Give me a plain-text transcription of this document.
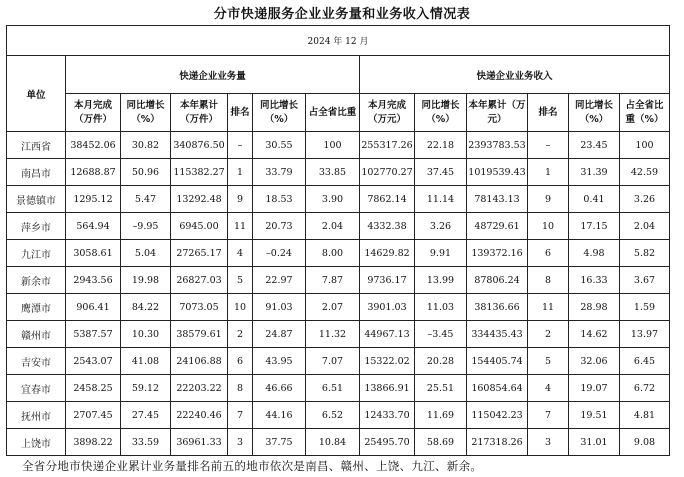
分市快递服务企业业务量和业务收入情况表
2024 年 12 月												
单位	快递企业业务量						快递企业业务收入					
	本月完成（万件）	同比增长（%）	本年累计（万件）	排名	同比增长（%）	占全省比重	本月完成（万元）	同比增长（%）	本年累计（万元）	排名	同比增长（%）	占全省比重（%）
江西省	38452.06	30.82	340876.50	–	30.55	100	255317.26	22.18	2393783.53	–	23.45	100
南昌市	12688.87	50.96	115382.27	1	33.79	33.85	102770.27	37.45	1019539.43	1	31.39	42.59
景德镇市	1295.12	5.47	13292.48	9	18.53	3.90	7862.14	11.14	78143.13	9	0.41	3.26
萍乡市	564.94	–9.95	6945.00	11	20.73	2.04	4332.38	3.26	48729.61	10	17.15	2.04
九江市	3058.61	5.04	27265.17	4	–0.24	8.00	14629.82	9.91	139372.16	6	4.98	5.82
新余市	2943.56	19.98	26827.03	5	22.97	7.87	9736.17	13.99	87806.24	8	16.33	3.67
鹰潭市	906.41	84.22	7073.05	10	91.03	2.07	3901.03	11.03	38136.66	11	28.98	1.59
赣州市	5387.57	10.30	38579.61	2	24.87	11.32	44967.13	–3.45	334435.43	2	14.62	13.97
吉安市	2543.07	41.08	24106.88	6	43.95	7.07	15322.02	20.28	154405.74	5	32.06	6.45
宜春市	2458.25	59.12	22203.22	8	46.66	6.51	13866.91	25.51	160854.64	4	19.07	6.72
抚州市	2707.45	27.45	22240.46	7	44.16	6.52	12433.70	11.69	115042.23	7	19.51	4.81
上饶市	3898.22	33.59	36961.33	3	37.75	10.84	25495.70	58.69	217318.26	3	31.01	9.08
全省分地市快递企业累计业务量排名前五的地市依次是南昌、赣州、上饶、九江、新余。
